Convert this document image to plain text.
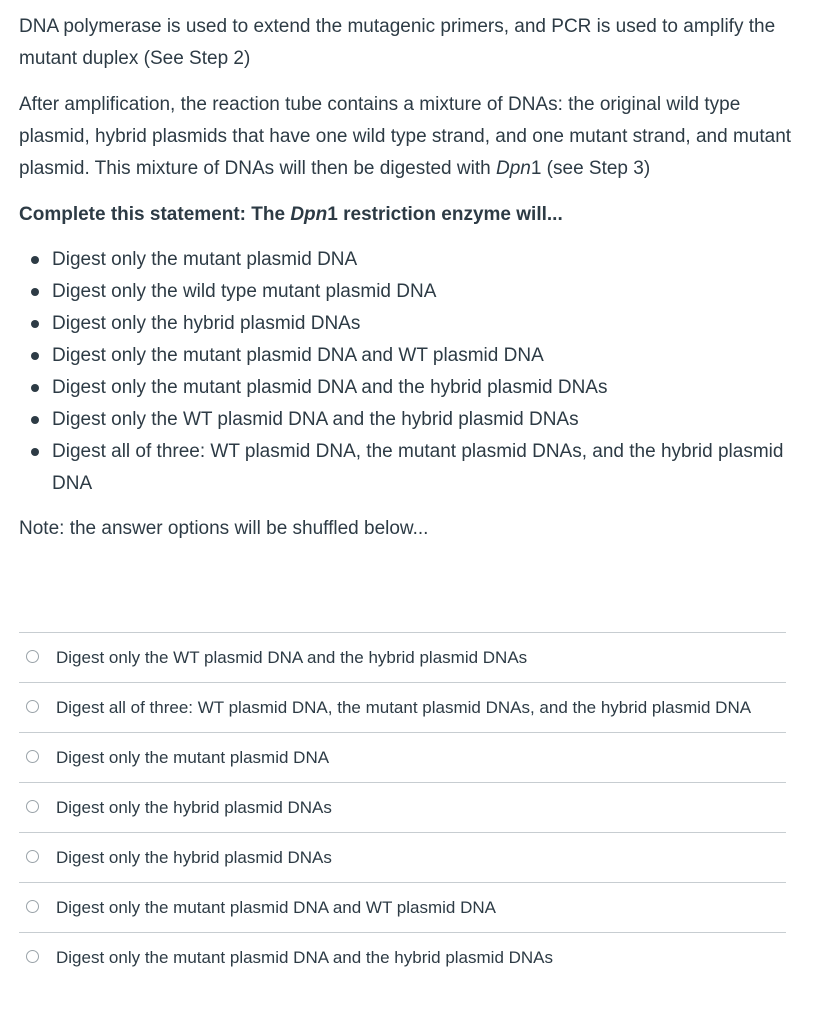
DNA polymerase is used to extend the mutagenic primers, and PCR is used to amplify the mutant duplex (See Step 2)

After amplification, the reaction tube contains a mixture of DNAs: the original wild type plasmid, hybrid plasmids that have one wild type strand, and one mutant strand, and mutant plasmid. This mixture of DNAs will then be digested with Dpn1 (see Step 3)

Complete this statement: The Dpn1 restriction enzyme will...

Digest only the mutant plasmid DNA
Digest only the wild type mutant plasmid DNA
Digest only the hybrid plasmid DNAs
Digest only the mutant plasmid DNA and WT plasmid DNA
Digest only the mutant plasmid DNA and the hybrid plasmid DNAs
Digest only the WT plasmid DNA and the hybrid plasmid DNAs
Digest all of three: WT plasmid DNA, the mutant plasmid DNAs, and the hybrid plasmid DNA

Note: the answer options will be shuffled below...

Digest only the WT plasmid DNA and the hybrid plasmid DNAs
Digest all of three: WT plasmid DNA, the mutant plasmid DNAs, and the hybrid plasmid DNA
Digest only the mutant plasmid DNA
Digest only the hybrid plasmid DNAs
Digest only the hybrid plasmid DNAs
Digest only the mutant plasmid DNA and WT plasmid DNA
Digest only the mutant plasmid DNA and the hybrid plasmid DNAs
